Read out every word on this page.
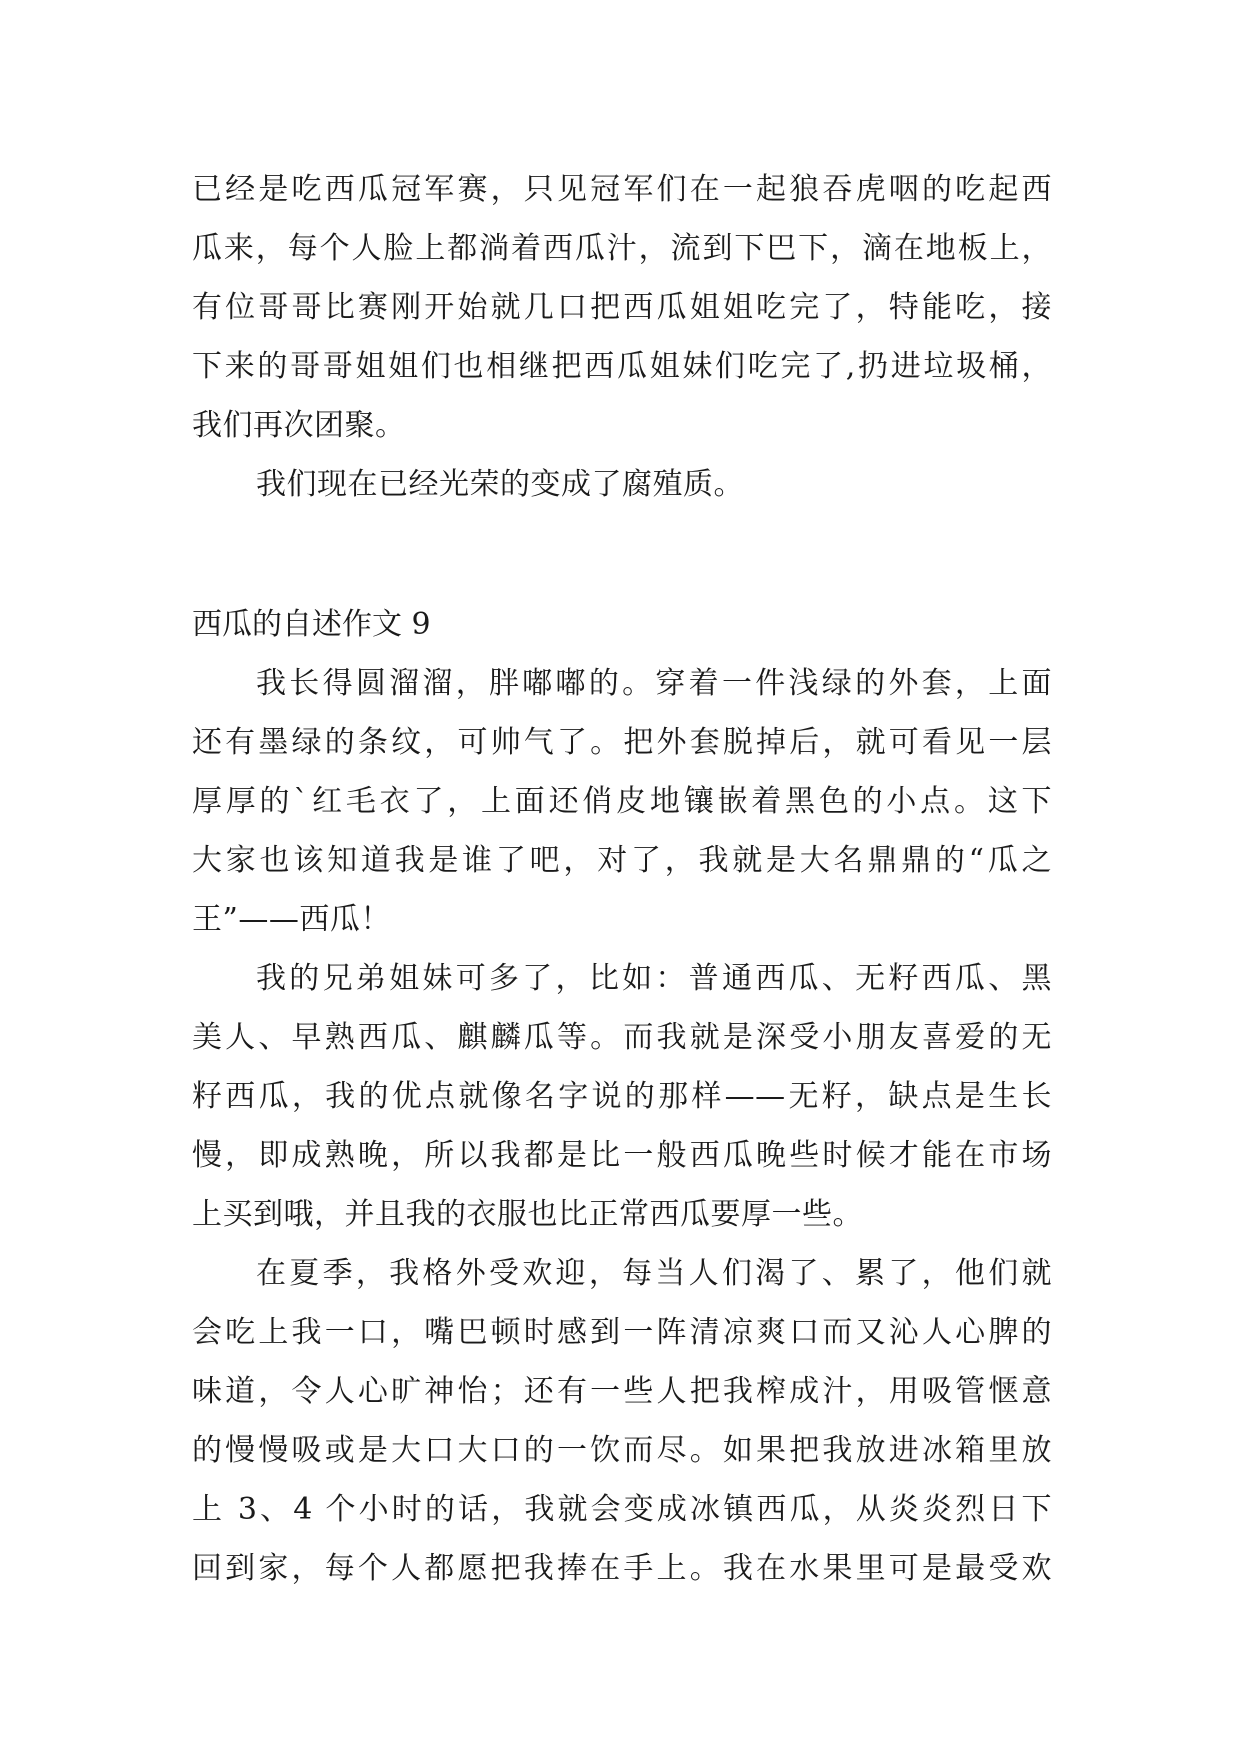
已经是吃西瓜冠军赛，只见冠军们在一起狼吞虎咽的吃起西
瓜来，每个人脸上都淌着西瓜汁，流到下巴下，滴在地板上，
有位哥哥比赛刚开始就几口把西瓜姐姐吃完了，特能吃，接
下来的哥哥姐姐们也相继把西瓜姐妹们吃完了,扔进垃圾桶，
我们再次团聚。
我们现在已经光荣的变成了腐殖质。
西瓜的自述作文 9
我长得圆溜溜，胖嘟嘟的。穿着一件浅绿的外套，上面
还有墨绿的条纹，可帅气了。把外套脱掉后，就可看见一层
厚厚的`红毛衣了，上面还俏皮地镶嵌着黑色的小点。这下
大家也该知道我是谁了吧，对了，我就是大名鼎鼎的“瓜之
王”——西瓜！
我的兄弟姐妹可多了，比如：普通西瓜、无籽西瓜、黑
美人、早熟西瓜、麒麟瓜等。而我就是深受小朋友喜爱的无
籽西瓜，我的优点就像名字说的那样——无籽，缺点是生长
慢，即成熟晚，所以我都是比一般西瓜晚些时候才能在市场
上买到哦，并且我的衣服也比正常西瓜要厚一些。
在夏季，我格外受欢迎，每当人们渴了、累了，他们就
会吃上我一口，嘴巴顿时感到一阵清凉爽口而又沁人心脾的
味道，令人心旷神怡；还有一些人把我榨成汁，用吸管惬意
的慢慢吸或是大口大口的一饮而尽。如果把我放进冰箱里放
上 3、4 个小时的话，我就会变成冰镇西瓜，从炎炎烈日下
回到家，每个人都愿把我捧在手上。我在水果里可是最受欢
